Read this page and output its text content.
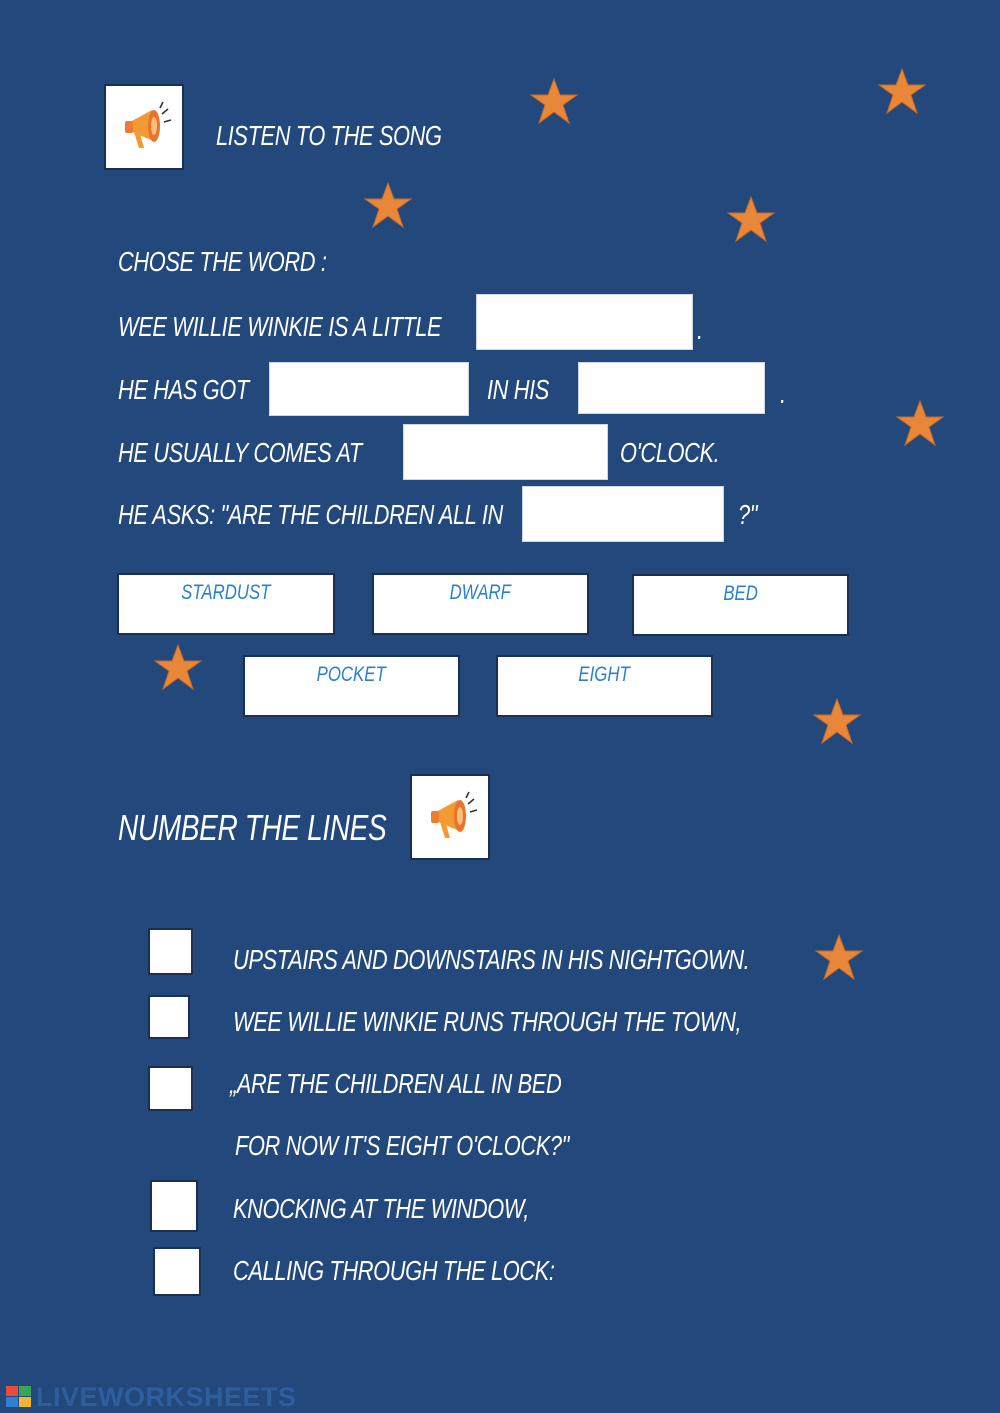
LISTEN TO THE SONG
CHOSE THE WORD :
WEE WILLIE WINKIE IS A LITTLE	.
HE HAS GOT	IN HIS	.
HE USUALLY COMES AT	O'CLOCK.
HE ASKS: "ARE THE CHILDREN ALL IN	?"
STARDUST	DWARF	BED
POCKET	EIGHT
NUMBER THE LINES
UPSTAIRS AND DOWNSTAIRS IN HIS NIGHTGOWN.
WEE WILLIE WINKIE RUNS THROUGH THE TOWN,
„ARE THE CHILDREN ALL IN BED
FOR NOW IT'S EIGHT O'CLOCK?"
KNOCKING AT THE WINDOW,
CALLING THROUGH THE LOCK:
LIVEWORKSHEETS
